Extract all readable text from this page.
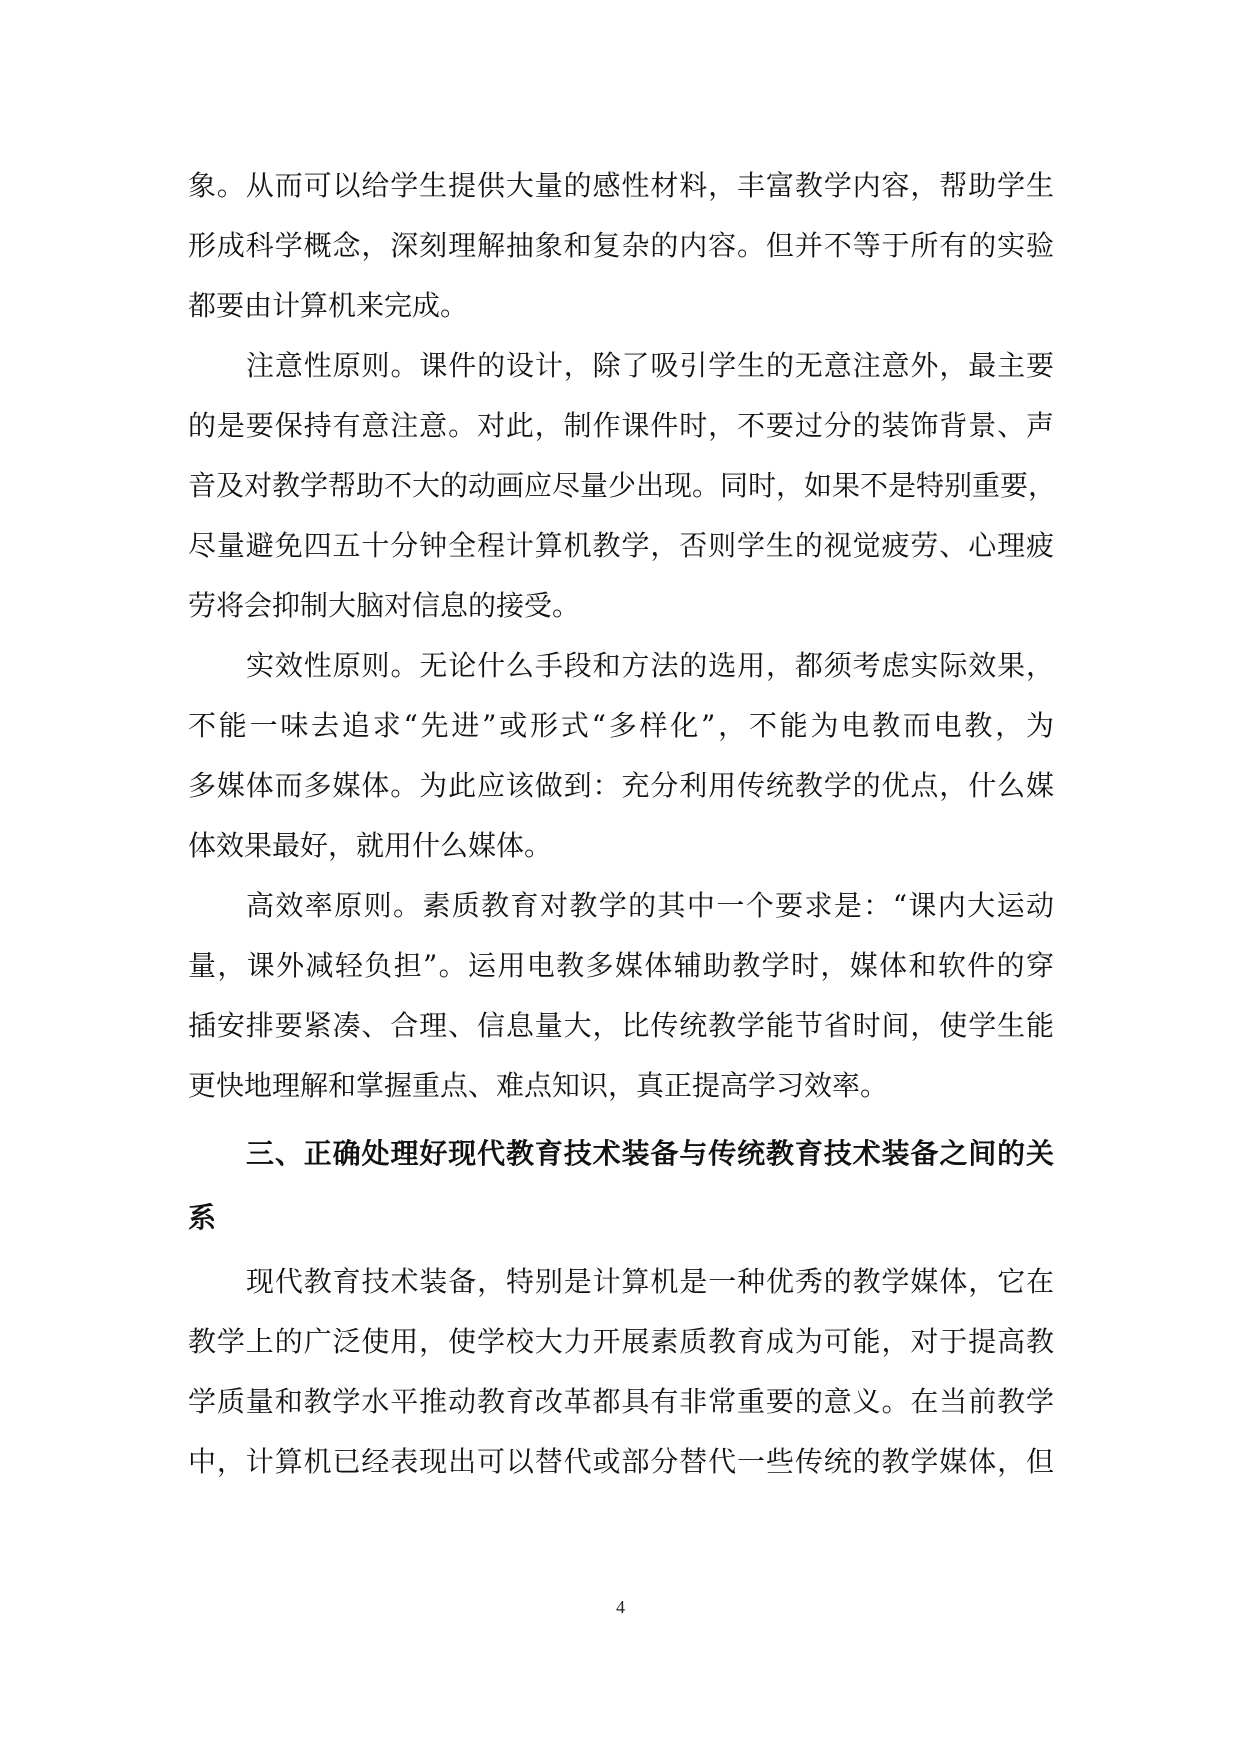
象。从而可以给学生提供大量的感性材料，丰富教学内容，帮助学生
形成科学概念，深刻理解抽象和复杂的内容。但并不等于所有的实验
都要由计算机来完成。
注意性原则。课件的设计，除了吸引学生的无意注意外，最主要
的是要保持有意注意。对此，制作课件时，不要过分的装饰背景、声
音及对教学帮助不大的动画应尽量少出现。同时，如果不是特别重要，
尽量避免四五十分钟全程计算机教学，否则学生的视觉疲劳、心理疲
劳将会抑制大脑对信息的接受。
实效性原则。无论什么手段和方法的选用，都须考虑实际效果，
不能一味去追求“先进”或形式“多样化”，不能为电教而电教，为
多媒体而多媒体。为此应该做到：充分利用传统教学的优点，什么媒
体效果最好，就用什么媒体。
高效率原则。素质教育对教学的其中一个要求是：“课内大运动
量，课外减轻负担”。运用电教多媒体辅助教学时，媒体和软件的穿
插安排要紧凑、合理、信息量大，比传统教学能节省时间，使学生能
更快地理解和掌握重点、难点知识，真正提高学习效率。
三、正确处理好现代教育技术装备与传统教育技术装备之间的关
系
现代教育技术装备，特别是计算机是一种优秀的教学媒体，它在
教学上的广泛使用，使学校大力开展素质教育成为可能，对于提高教
学质量和教学水平推动教育改革都具有非常重要的意义。在当前教学
中，计算机已经表现出可以替代或部分替代一些传统的教学媒体，但
4
